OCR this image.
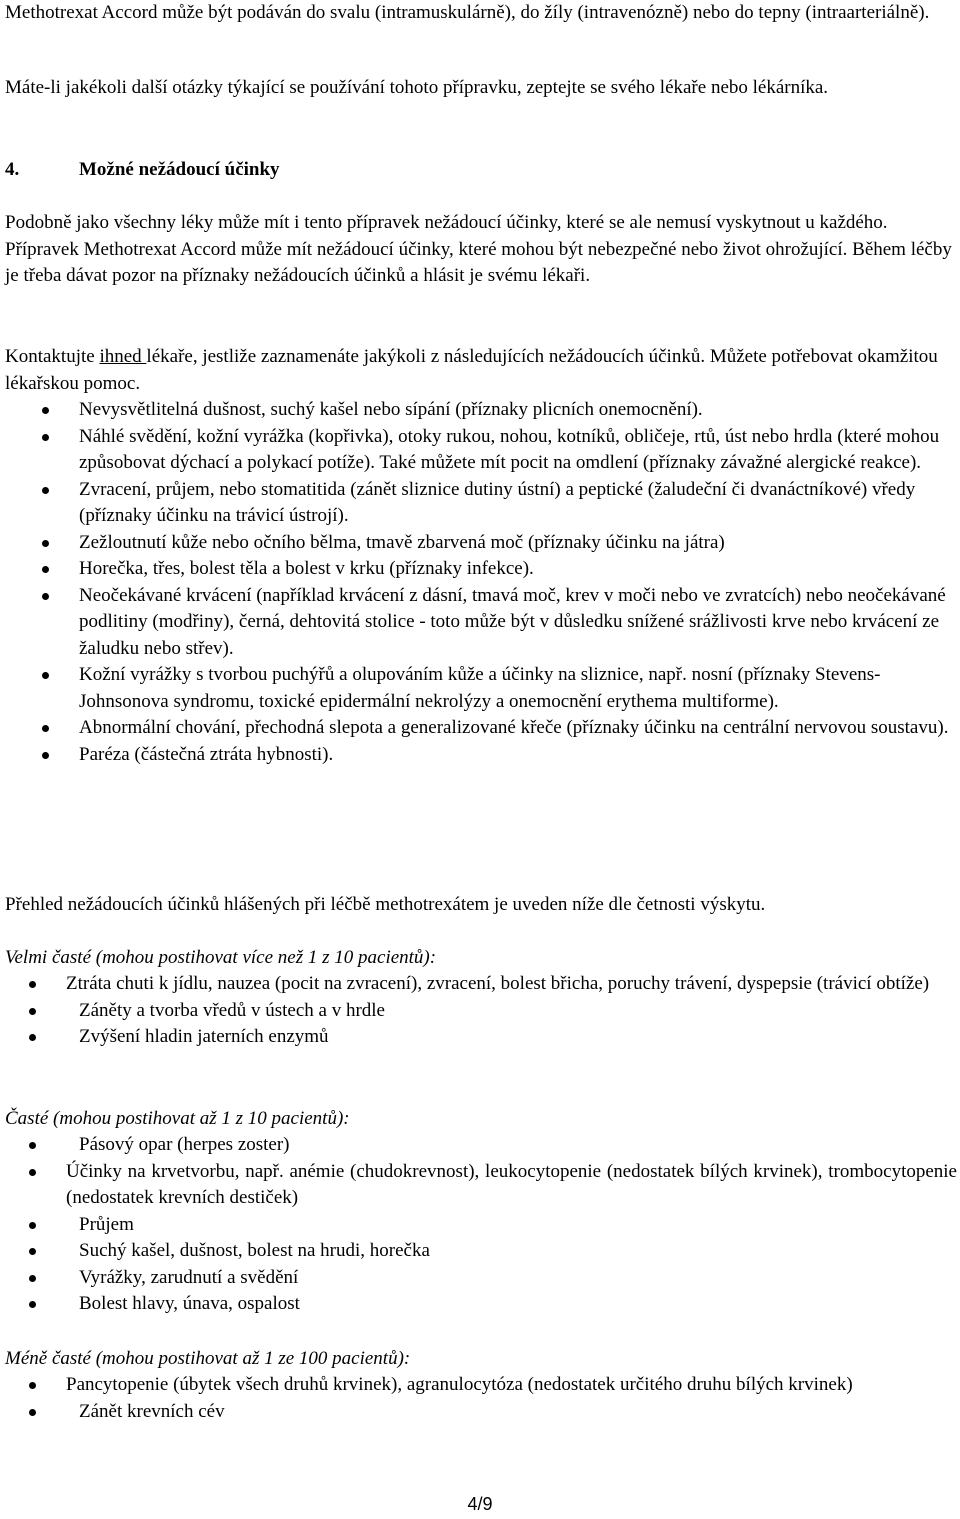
Methotrexat Accord může být podáván do svalu (intramuskulárně), do žíly (intravenózně) nebo do tepny (intraarteriálně).

Máte-li jakékoli další otázky týkající se používání tohoto přípravku, zeptejte se svého lékaře nebo lékárníka.

4.	Možné nežádoucí účinky

Podobně jako všechny léky může mít i tento přípravek nežádoucí účinky, které se ale nemusí vyskytnout u každého. Přípravek Methotrexat Accord může mít nežádoucí účinky, které mohou být nebezpečné nebo život ohrožující. Během léčby je třeba dávat pozor na příznaky nežádoucích účinků a hlásit je svému lékaři.

Kontaktujte ihned lékaře, jestliže zaznamenáte jakýkoli z následujících nežádoucích účinků. Můžete potřebovat okamžitou lékařskou pomoc.

Nevysvětlitelná dušnost, suchý kašel nebo sípání (příznaky plicních onemocnění).
Náhlé svědění, kožní vyrážka (kopřivka), otoky rukou, nohou, kotníků, obličeje, rtů, úst nebo hrdla (které mohou způsobovat dýchací a polykací potíže). Také můžete mít pocit na omdlení (příznaky závažné alergické reakce).
Zvracení, průjem, nebo stomatitida (zánět sliznice dutiny ústní) a peptické (žaludeční či dvanáctníkové) vředy (příznaky účinku na trávicí ústrojí).
Zežloutnutí kůže nebo očního bělma, tmavě zbarvená moč (příznaky účinku na játra)
Horečka, třes, bolest těla a bolest v krku (příznaky infekce).
Neočekávané krvácení (například krvácení z dásní, tmavá moč, krev v moči nebo ve zvratcích) nebo neočekávané podlitiny (modřiny), černá, dehtovitá stolice - toto může být v důsledku snížené srážlivosti krve nebo krvácení ze žaludku nebo střev).
Kožní vyrážky s tvorbou puchýřů a olupováním kůže a účinky na sliznice, např. nosní (příznaky Stevens-Johnsonova syndromu, toxické epidermální nekrolýzy a onemocnění erythema multiforme).
Abnormální chování, přechodná slepota a generalizované křeče (příznaky účinku na centrální nervovou soustavu).
Paréza (částečná ztráta hybnosti).

Přehled nežádoucích účinků hlášených při léčbě methotrexátem je uveden níže dle četnosti výskytu.

Velmi časté (mohou postihovat více než 1 z 10 pacientů):

Ztráta chuti k jídlu, nauzea (pocit na zvracení), zvracení, bolest břicha, poruchy trávení, dyspepsie (trávicí obtíže)
Záněty a tvorba vředů v ústech a v hrdle
Zvýšení hladin jaterních enzymů

Časté (mohou postihovat až 1 z 10 pacientů):

Pásový opar (herpes zoster)
Účinky na krvetvorbu, např. anémie (chudokrevnost), leukocytopenie (nedostatek bílých krvinek), trombocytopenie (nedostatek krevních destiček)
Průjem
Suchý kašel, dušnost, bolest na hrudi, horečka
Vyrážky, zarudnutí a svědění
Bolest hlavy, únava, ospalost

Méně časté (mohou postihovat až 1 ze 100 pacientů):

Pancytopenie (úbytek všech druhů krvinek), agranulocytóza (nedostatek určitého druhu bílých krvinek)
Zánět krevních cév
4/9
